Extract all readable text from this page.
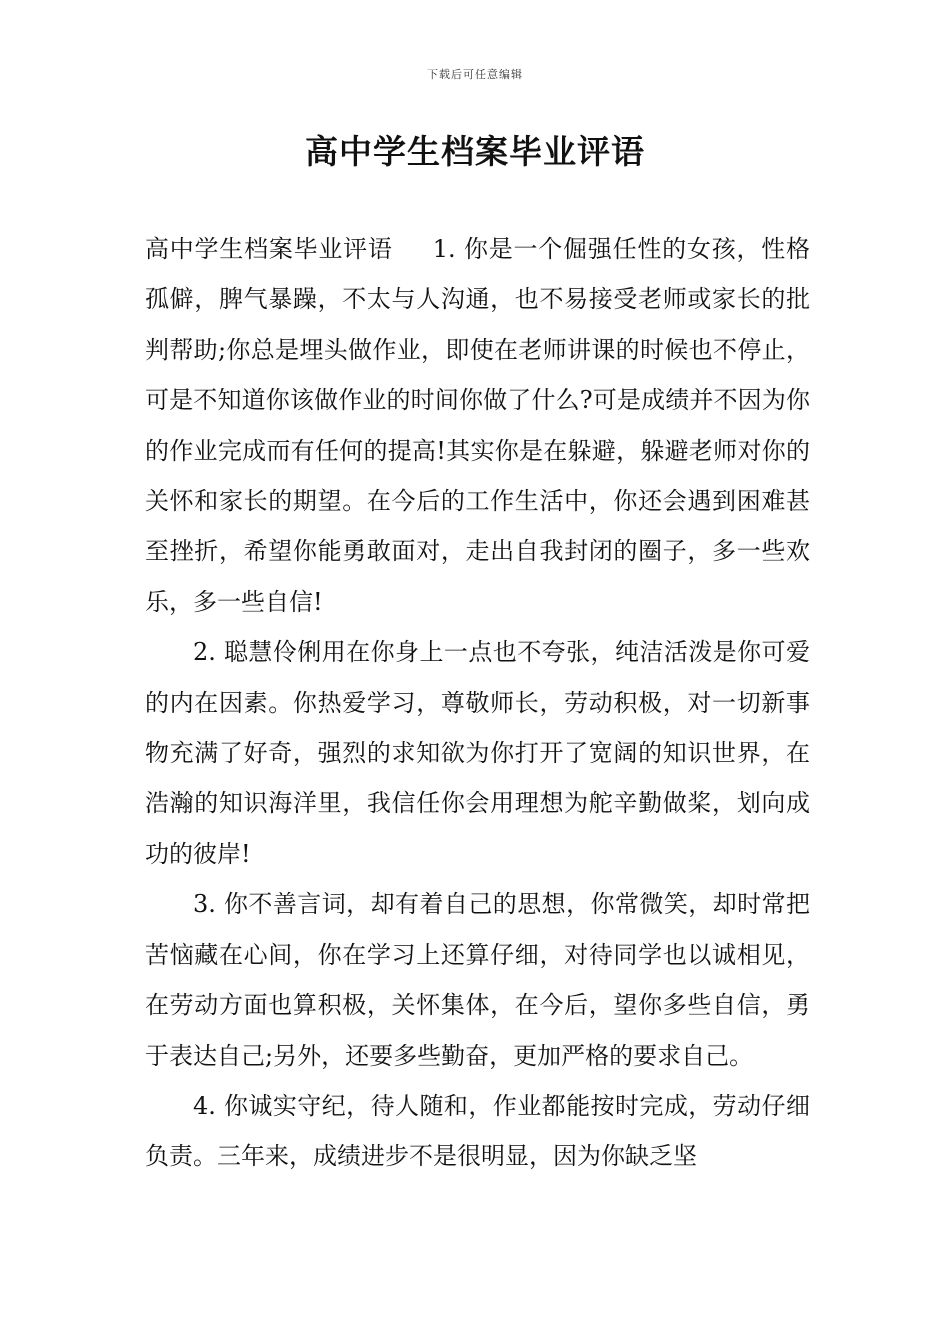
下载后可任意编辑
高中学生档案毕业评语

高中学生档案毕业评语 1. 你是一个倔强任性的女孩，性格孤僻，脾气暴躁，不太与人沟通，也不易接受老师或家长的批判帮助;你总是埋头做作业，即使在老师讲课的时候也不停止，可是不知道你该做作业的时间你做了什么?可是成绩并不因为你的作业完成而有任何的提高!其实你是在躲避，躲避老师对你的关怀和家长的期望。在今后的工作生活中，你还会遇到困难甚至挫折，希望你能勇敢面对，走出自我封闭的圈子，多一些欢乐，多一些自信!

2. 聪慧伶俐用在你身上一点也不夸张，纯洁活泼是你可爱的内在因素。你热爱学习，尊敬师长，劳动积极，对一切新事物充满了好奇，强烈的求知欲为你打开了宽阔的知识世界，在浩瀚的知识海洋里，我信任你会用理想为舵辛勤做桨，划向成功的彼岸!

3. 你不善言词，却有着自己的思想，你常微笑，却时常把苦恼藏在心间，你在学习上还算仔细，对待同学也以诚相见，在劳动方面也算积极，关怀集体，在今后，望你多些自信，勇于表达自己;另外，还要多些勤奋，更加严格的要求自己。

4. 你诚实守纪，待人随和，作业都能按时完成，劳动仔细负责。三年来，成绩进步不是很明显，因为你缺乏坚
